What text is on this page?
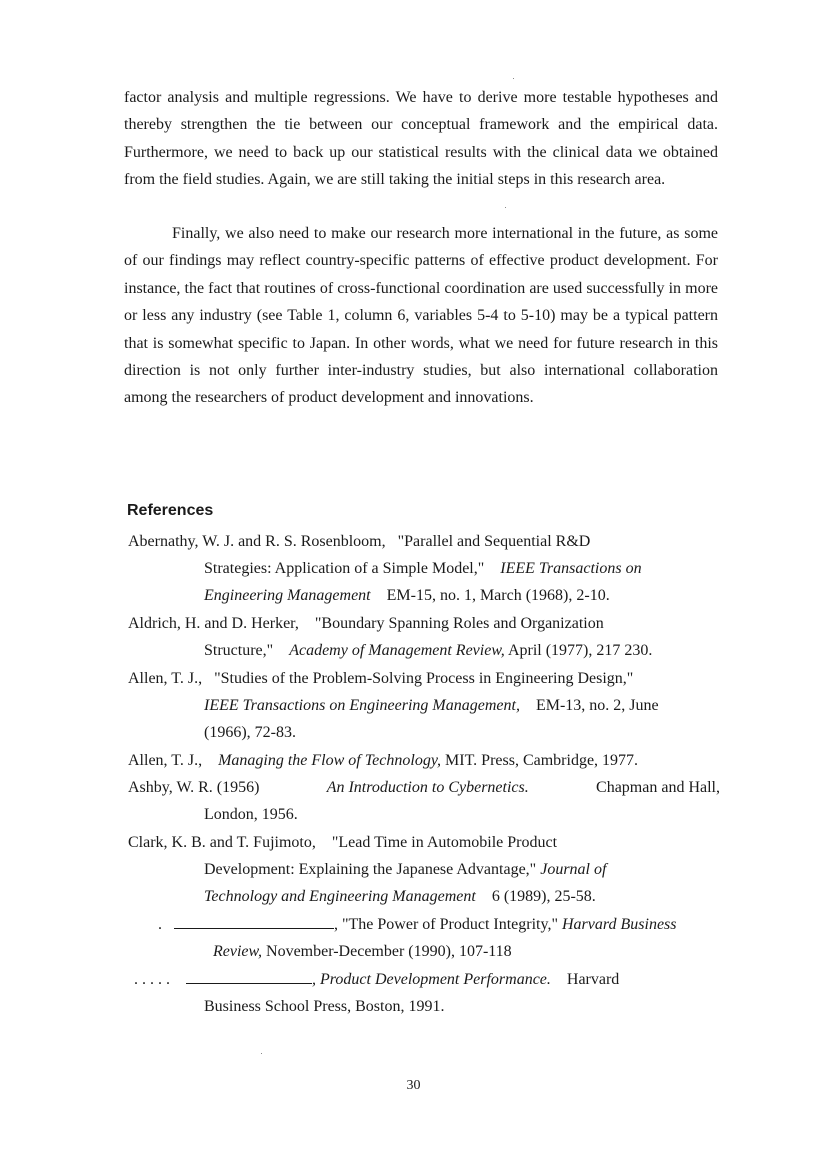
factor analysis and multiple regressions. We have to derive more testable hypotheses and thereby strengthen the tie between our conceptual framework and the empirical data. Furthermore, we need to back up our statistical results with the clinical data we obtained from the field studies. Again, we are still taking the initial steps in this research area.

Finally, we also need to make our research more international in the future, as some of our findings may reflect country-specific patterns of effective product development. For instance, the fact that routines of cross-functional coordination are used successfully in more or less any industry (see Table 1, column 6, variables 5-4 to 5-10) may be a typical pattern that is somewhat specific to Japan. In other words, what we need for future research in this direction is not only further inter-industry studies, but also international collaboration among the researchers of product development and innovations.

References
Abernathy, W. J. and R. S. Rosenbloom, "Parallel and Sequential R&D
Strategies: Application of a Simple Model," IEEE Transactions on
Engineering Management EM-15, no. 1, March (1968), 2-10.
Aldrich, H. and D. Herker, "Boundary Spanning Roles and Organization
Structure," Academy of Management Review, April (1977), 217 230.
Allen, T. J., "Studies of the Problem-Solving Process in Engineering Design,"
IEEE Transactions on Engineering Management, EM-13, no. 2, June
(1966), 72-83.
Allen, T. J., Managing the Flow of Technology, MIT. Press, Cambridge, 1977.
Ashby, W. R. (1956)	An Introduction to Cybernetics.	Chapman and Hall,
London, 1956.
Clark, K. B. and T. Fujimoto, "Lead Time in Automobile Product
Development: Explaining the Japanese Advantage," Journal of
Technology and Engineering Management 6 (1989), 25-58.
.	, "The Power of Product Integrity," Harvard Business
Review, November-December (1990), 107-118
. . . . .	, Product Development Performance. Harvard
Business School Press, Boston, 1991.
30
